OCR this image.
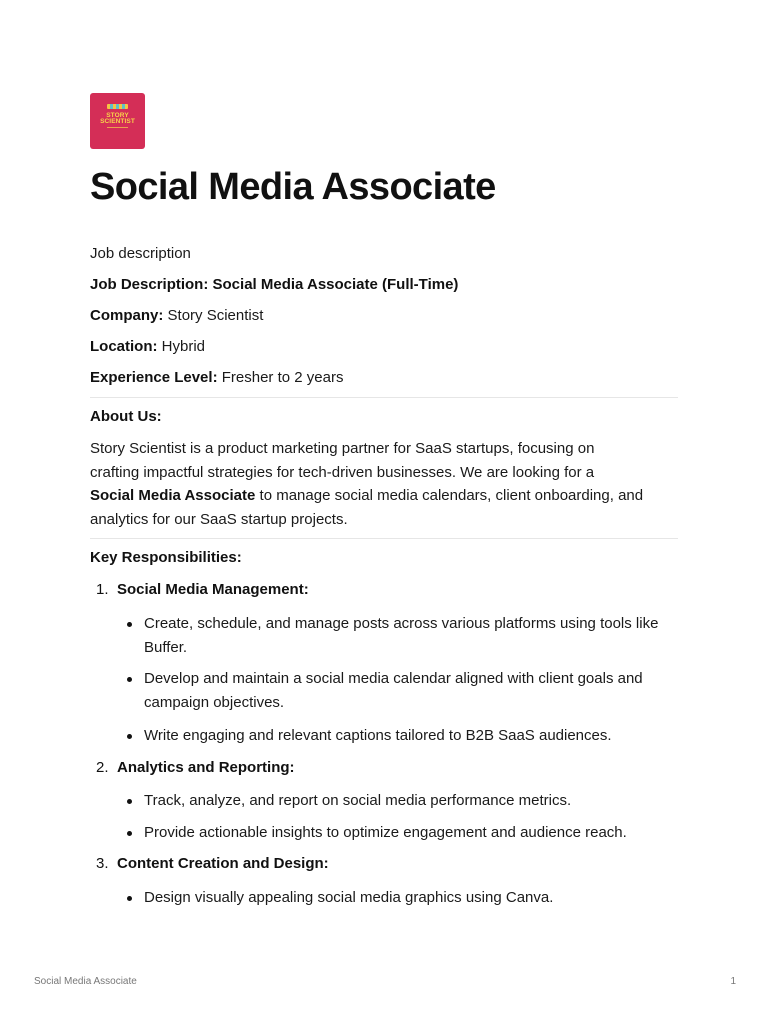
STORY
SCIENTIST
Social Media Associate
Job description
Job Description: Social Media Associate (Full-Time)
Company: Story Scientist
Location: Hybrid
Experience Level: Fresher to 2 years
About Us:
Story Scientist is a product marketing partner for SaaS startups, focusing on
crafting impactful strategies for tech-driven businesses. We are looking for a
Social Media Associate to manage social media calendars, client onboarding, and
analytics for our SaaS startup projects.
Key Responsibilities:
1. Social Media Management:
Create, schedule, and manage posts across various platforms using tools like Buffer.
Develop and maintain a social media calendar aligned with client goals and campaign objectives.
Write engaging and relevant captions tailored to B2B SaaS audiences.
2. Analytics and Reporting:
Track, analyze, and report on social media performance metrics.
Provide actionable insights to optimize engagement and audience reach.
3. Content Creation and Design:
Design visually appealing social media graphics using Canva.
Social Media Associate	1
